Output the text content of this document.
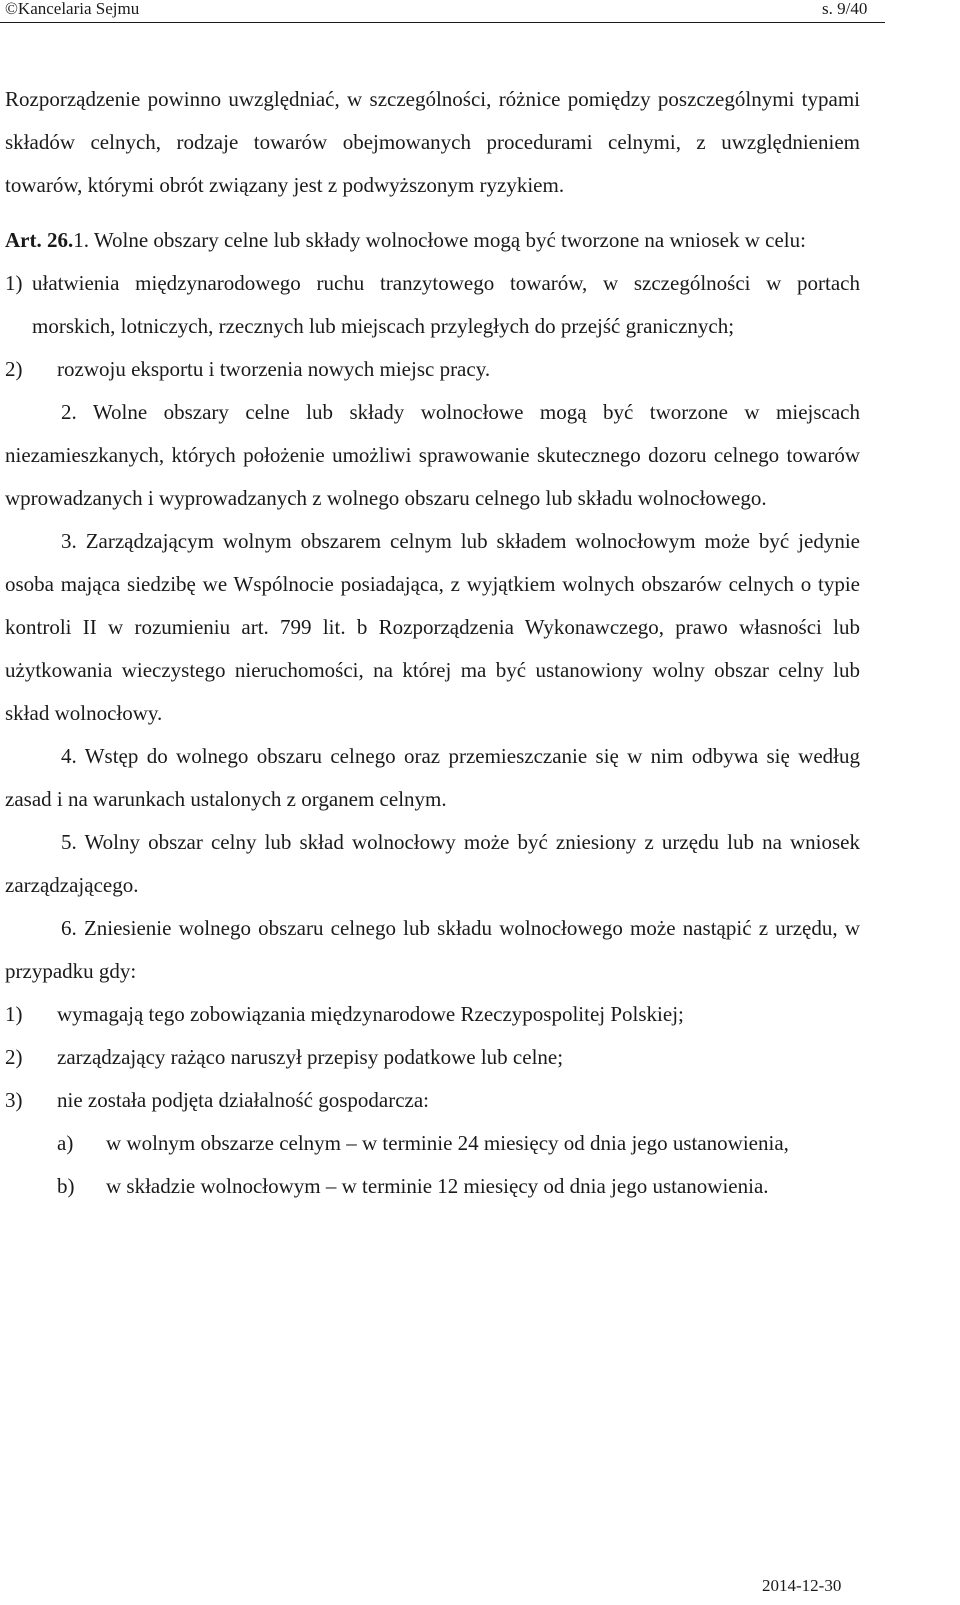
©Kancelaria Sejmu	s. 9/40

Rozporządzenie powinno uwzględniać, w szczególności, różnice pomiędzy poszczególnymi typami składów celnych, rodzaje towarów obejmowanych procedurami celnymi, z uwzględnieniem towarów, którymi obrót związany jest z podwyższonym ryzykiem.

Art. 26.1. Wolne obszary celne lub składy wolnocłowe mogą być tworzone na wniosek w celu:

1) ułatwienia międzynarodowego ruchu tranzytowego towarów, w szczególności w portach morskich, lotniczych, rzecznych lub miejscach przyległych do przejść granicznych;
2)	rozwoju eksportu i tworzenia nowych miejsc pracy.

2. Wolne obszary celne lub składy wolnocłowe mogą być tworzone w miejscach niezamieszkanych, których położenie umożliwi sprawowanie skutecznego dozoru celnego towarów wprowadzanych i wyprowadzanych z wolnego obszaru celnego lub składu wolnocłowego.

3. Zarządzającym wolnym obszarem celnym lub składem wolnocłowym może być jedynie osoba mająca siedzibę we Wspólnocie posiadająca, z wyjątkiem wolnych obszarów celnych o typie kontroli II w rozumieniu art. 799 lit. b Rozporządzenia Wykonawczego, prawo własności lub użytkowania wieczystego nieruchomości, na której ma być ustanowiony wolny obszar celny lub skład wolnocłowy.

4. Wstęp do wolnego obszaru celnego oraz przemieszczanie się w nim odbywa się według zasad i na warunkach ustalonych z organem celnym.

5. Wolny obszar celny lub skład wolnocłowy może być zniesiony z urzędu lub na wniosek zarządzającego.

6. Zniesienie wolnego obszaru celnego lub składu wolnocłowego może nastąpić z urzędu, w przypadku gdy:

1)	wymagają tego zobowiązania międzynarodowe Rzeczypospolitej Polskiej;
2)	zarządzający rażąco naruszył przepisy podatkowe lub celne;
3)	nie została podjęta działalność gospodarcza:
a)	w wolnym obszarze celnym – w terminie 24 miesięcy od dnia jego ustanowienia,
b)	w składzie wolnocłowym – w terminie 12 miesięcy od dnia jego ustanowienia.
2014-12-30
